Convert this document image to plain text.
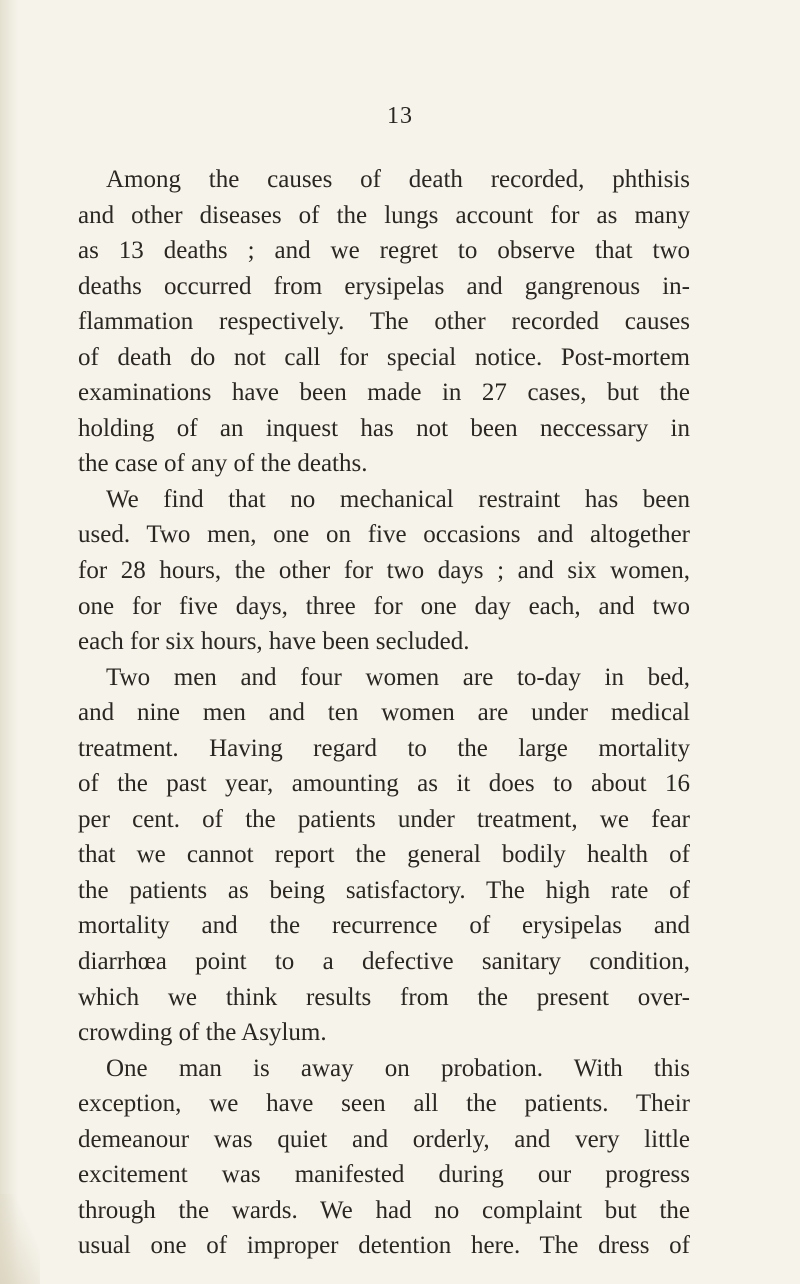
13
Among the causes of death recorded, phthisis
and other diseases of the lungs account for as many
as 13 deaths ; and we regret to observe that two
deaths occurred from erysipelas and gangrenous in-
flammation respectively. The other recorded causes
of death do not call for special notice. Post-mortem
examinations have been made in 27 cases, but the
holding of an inquest has not been neccessary in
the case of any of the deaths.
We find that no mechanical restraint has been
used. Two men, one on five occasions and altogether
for 28 hours, the other for two days ; and six women,
one for five days, three for one day each, and two
each for six hours, have been secluded.
Two men and four women are to-day in bed,
and nine men and ten women are under medical
treatment. Having regard to the large mortality
of the past year, amounting as it does to about 16
per cent. of the patients under treatment, we fear
that we cannot report the general bodily health of
the patients as being satisfactory. The high rate of
mortality and the recurrence of erysipelas and
diarrhœa point to a defective sanitary condition,
which we think results from the present over-
crowding of the Asylum.
One man is away on probation. With this
exception, we have seen all the patients. Their
demeanour was quiet and orderly, and very little
excitement was manifested during our progress
through the wards. We had no complaint but the
usual one of improper detention here. The dress of
